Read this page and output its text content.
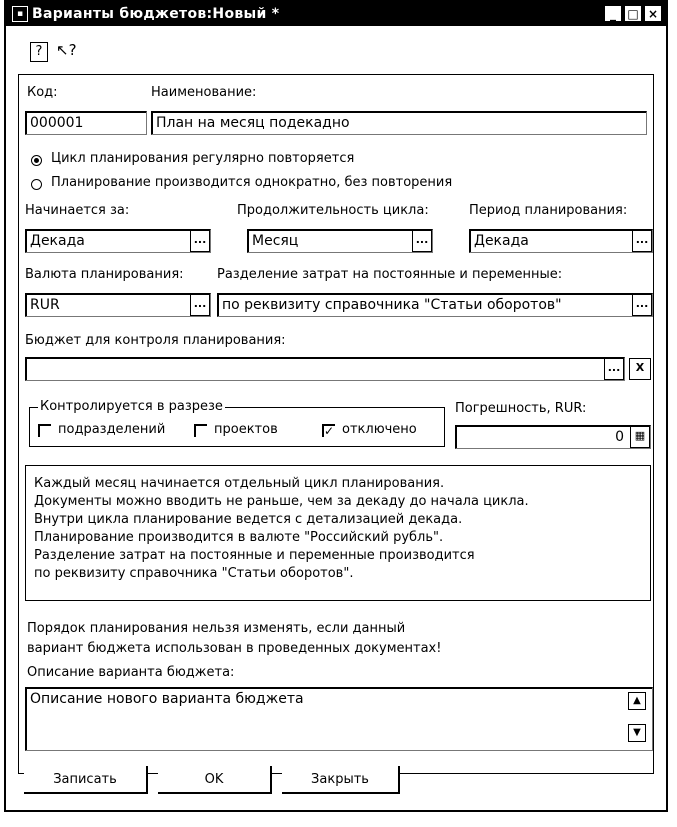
▪ Варианты бюджетов:Новый *	_ □ ×
? ↖?
Код:	Наименование:
000001	План на месяц подекадно
Цикл планирования регулярно повторяется
Планирование производится однократно, без повторения
Начинается за:	Продолжительность цикла:	Период планирования:
Декада	...	Месяц	...	Декада	...
Валюта планирования:	Разделение затрат на постоянные и переменные:
RUR	... по реквизиту справочника "Статьи оборотов"	...
Бюджет для контроля планирования:
...	X
Контролируется в разрезе
подразделений	проектов	✓ отключено
Погрешность, RUR:
0 ▦
Каждый месяц начинается отдельный цикл планирования.
Документы можно вводить не раньше, чем за декаду до начала цикла.
Внутри цикла планирование ведется с детализацией декада.
Планирование производится в валюте "Российский рубль".
Разделение затрат на постоянные и переменные производится
по реквизиту справочника "Статьи оборотов".
Порядок планирования нельзя изменять, если данный
вариант бюджета использован в проведенных документах!
Описание варианта бюджета:
Описание нового варианта бюджета	▲
▼
Записать	OK	Закрыть
